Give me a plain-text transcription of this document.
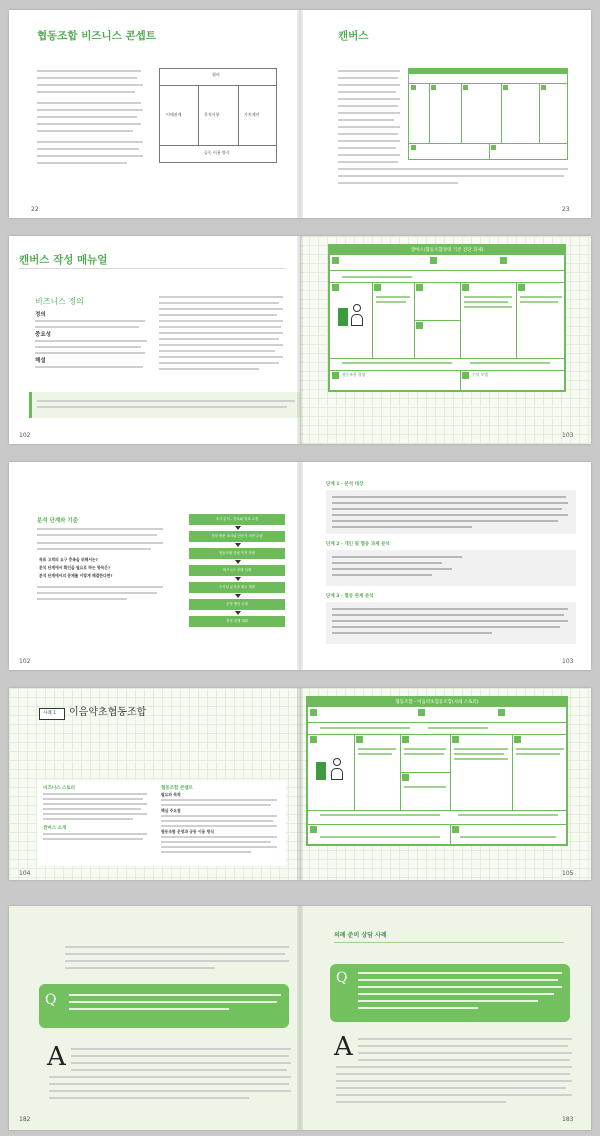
협동조합 비즈니스 콘셉트
협의
이해관계	목적사항	가치제안
공동 이용 방식
22
캔버스
23
캔버스 작성 매뉴얼
비즈니스 정의
정의
중요성
해설
102
캔버스(협동조합경영 기본 진단 과제)
협동조합 경영	수익 모델
103
분석 단계와 기준
목표 고객의 요구 충족을 위해서는?
분석 단계에서 확인을 필요로 하는 항목은?
분석 단계에서의 문제를 이렇게 해결한다면?
조사 분석 - 자료와 정보 수집
현장 방문 조사와 전문가 의견 수렴
협동조합 설립 목적 정립
비즈니스 모델 설계
수익성 분석과 재무 계획
운영 방안 수립
경영 실행 계획
102
단계 1 - 분석 대상
단계 2 - 개인 및 협동 과제 분석
단계 3 - 협동 관계 분석
103
사례 1 이음약초협동조합
비즈니스 스토리
캔버스 소개
협동조합 콘셉트
필요와 목적
핵심 주요점
협동조합 운영과 공동 이용 방식
104
협동조합 - 이음약초협동조합(사례 스토리)
105
Q
A
182
의례 준비 상담 사례
Q
A
183
